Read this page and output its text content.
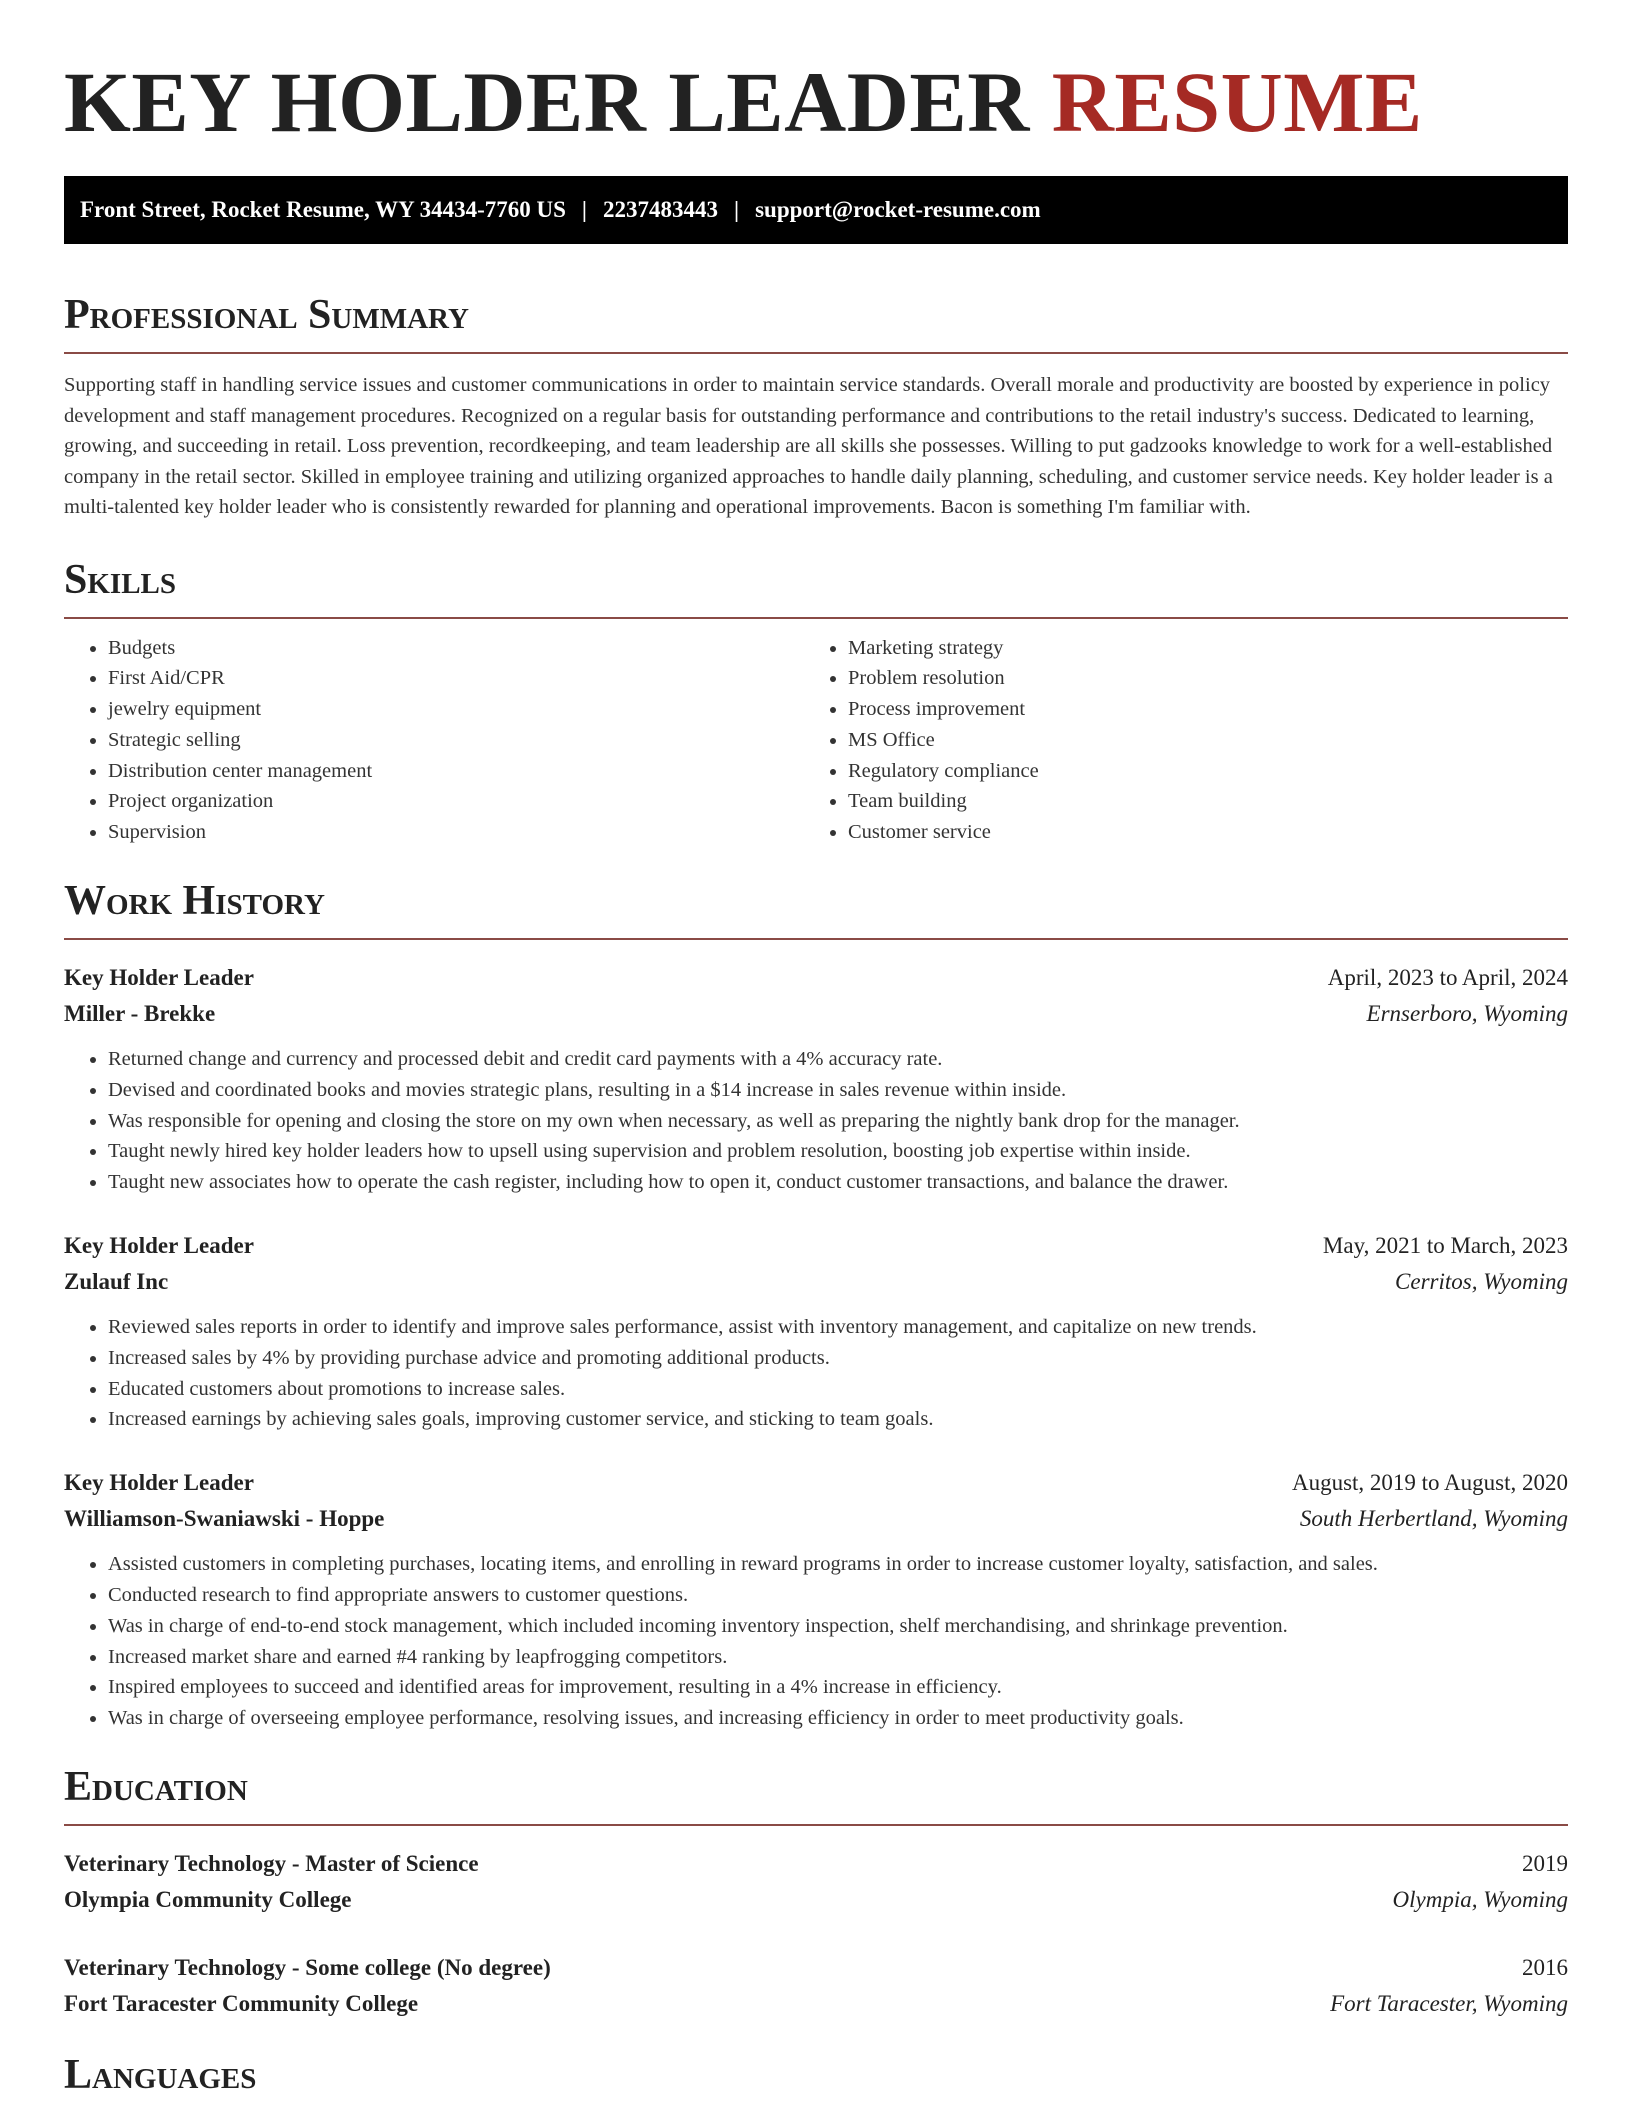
KEY HOLDER LEADER RESUME
Front Street, Rocket Resume, WY 34434-7760 US | 2237483443 | support@rocket-resume.com
Professional Summary

Supporting staff in handling service issues and customer communications in order to maintain service standards. Overall morale and productivity are boosted by experience in policy development and staff management procedures. Recognized on a regular basis for outstanding performance and contributions to the retail industry's success. Dedicated to learning, growing, and succeeding in retail. Loss prevention, recordkeeping, and team leadership are all skills she possesses. Willing to put gadzooks knowledge to work for a well-established company in the retail sector. Skilled in employee training and utilizing organized approaches to handle daily planning, scheduling, and customer service needs. Key holder leader is a multi-talented key holder leader who is consistently rewarded for planning and operational improvements. Bacon is something I'm familiar with.

Skills
• Budgets
• First Aid/CPR
• jewelry equipment
• Strategic selling
• Distribution center management
• Project organization
• Supervision
• Marketing strategy
• Problem resolution
• Process improvement
• MS Office
• Regulatory compliance
• Team building
• Customer service
Work History
Key Holder Leader	April, 2023 to April, 2024
Miller - Brekke	Ernserboro, Wyoming
• Returned change and currency and processed debit and credit card payments with a 4% accuracy rate.
• Devised and coordinated books and movies strategic plans, resulting in a $14 increase in sales revenue within inside.
• Was responsible for opening and closing the store on my own when necessary, as well as preparing the nightly bank drop for the manager.
• Taught newly hired key holder leaders how to upsell using supervision and problem resolution, boosting job expertise within inside.
• Taught new associates how to operate the cash register, including how to open it, conduct customer transactions, and balance the drawer.
Key Holder Leader	May, 2021 to March, 2023
Zulauf Inc	Cerritos, Wyoming
• Reviewed sales reports in order to identify and improve sales performance, assist with inventory management, and capitalize on new trends.
• Increased sales by 4% by providing purchase advice and promoting additional products.
• Educated customers about promotions to increase sales.
• Increased earnings by achieving sales goals, improving customer service, and sticking to team goals.
Key Holder Leader	August, 2019 to August, 2020
Williamson-Swaniawski - Hoppe	South Herbertland, Wyoming
• Assisted customers in completing purchases, locating items, and enrolling in reward programs in order to increase customer loyalty, satisfaction, and sales.
• Conducted research to find appropriate answers to customer questions.
• Was in charge of end-to-end stock management, which included incoming inventory inspection, shelf merchandising, and shrinkage prevention.
• Increased market share and earned #4 ranking by leapfrogging competitors.
• Inspired employees to succeed and identified areas for improvement, resulting in a 4% increase in efficiency.
• Was in charge of overseeing employee performance, resolving issues, and increasing efficiency in order to meet productivity goals.
Education
Veterinary Technology - Master of Science	2019
Olympia Community College	Olympia, Wyoming
Veterinary Technology - Some college (No degree)	2016
Fort Taracester Community College	Fort Taracester, Wyoming
Languages
